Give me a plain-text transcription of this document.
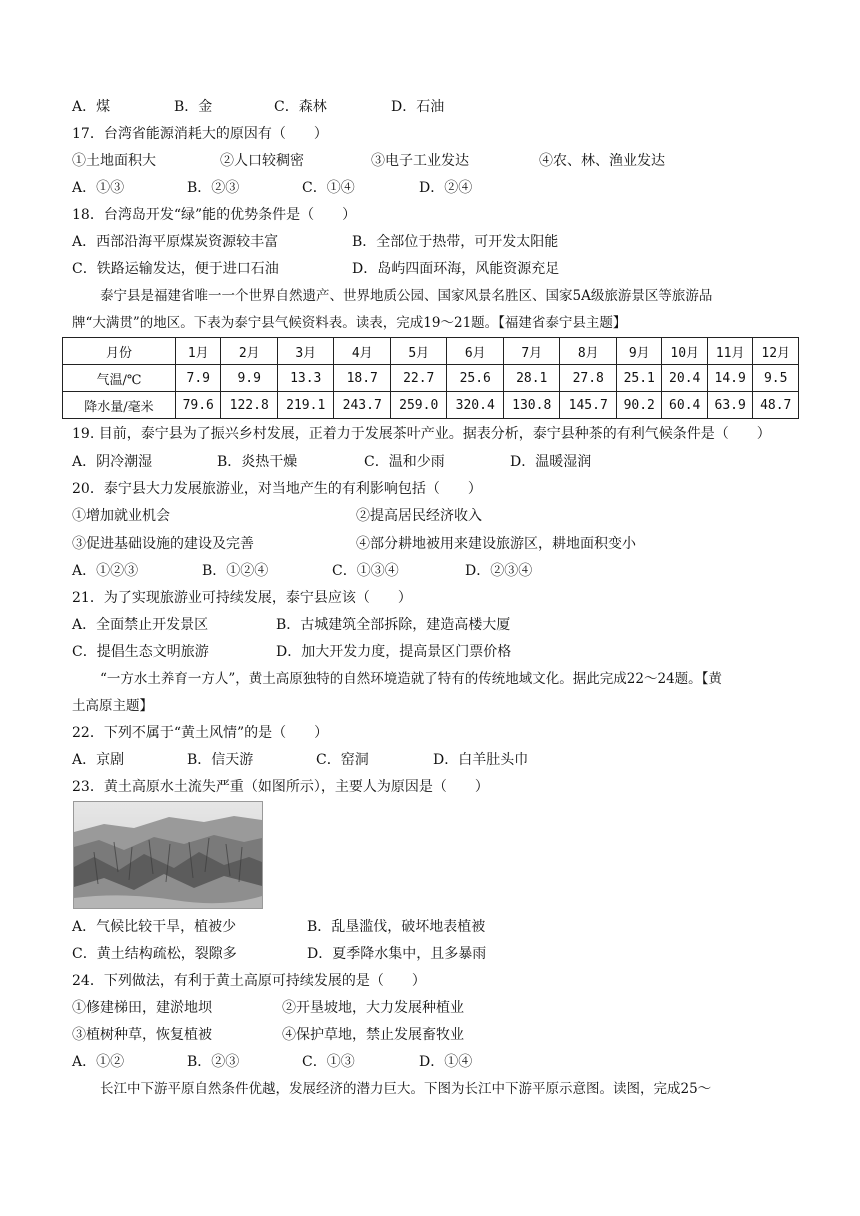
A．煤	B．金	C．森林	D．石油
17．台湾省能源消耗大的原因有（　　）
①土地面积大	②人口较稠密	③电子工业发达	④农、林、渔业发达
A．①③	B．②③	C．①④	D．②④
18．台湾岛开发“绿”能的优势条件是（　　）
A．西部沿海平原煤炭资源较丰富	B．全部位于热带，可开发太阳能
C．铁路运输发达，便于进口石油	D．岛屿四面环海，风能资源充足
泰宁县是福建省唯一一个世界自然遗产、世界地质公园、国家风景名胜区、国家5A级旅游景区等旅游品
牌“大满贯”的地区。下表为泰宁县气候资料表。读表，完成19～21题。【福建省泰宁县主题】
月份	1月	2月	3月	4月	5月	6月	7月	8月	9月	10月	11月	12月
气温/℃	7.9	9.9	13.3	18.7	22.7	25.6	28.1	27.8	25.1	20.4	14.9	9.5
降水量/毫米	79.6	122.8	219.1	243.7	259.0	320.4	130.8	145.7	90.2	60.4	63.9	48.7
19. 目前，泰宁县为了振兴乡村发展，正着力于发展茶叶产业。据表分析，泰宁县种茶的有利气候条件是（　　）
A．阴冷潮湿	B．炎热干燥	C．温和少雨	D．温暖湿润
20．泰宁县大力发展旅游业，对当地产生的有利影响包括（　　）
①增加就业机会	②提高居民经济收入
③促进基础设施的建设及完善	④部分耕地被用来建设旅游区，耕地面积变小
A．①②③	B．①②④	C．①③④	D．②③④
21．为了实现旅游业可持续发展，泰宁县应该（　　）
A．全面禁止开发景区	B．古城建筑全部拆除，建造高楼大厦
C．提倡生态文明旅游	D．加大开发力度，提高景区门票价格
“一方水土养育一方人”，黄土高原独特的自然环境造就了特有的传统地域文化。据此完成22～24题。【黄
土高原主题】
22．下列不属于“黄土风情”的是（　　）
A．京剧	B．信天游	C．窑洞	D．白羊肚头巾
23．黄土高原水土流失严重（如图所示），主要人为原因是（　　）
A．气候比较干旱，植被少	B．乱垦滥伐，破坏地表植被
C．黄土结构疏松，裂隙多	D．夏季降水集中，且多暴雨
24．下列做法，有利于黄土高原可持续发展的是（　　）
①修建梯田，建淤地坝	②开垦坡地，大力发展种植业
③植树种草，恢复植被	④保护草地，禁止发展畜牧业
A．①②	B．②③	C．①③	D．①④
长江中下游平原自然条件优越，发展经济的潜力巨大。下图为长江中下游平原示意图。读图，完成25～
